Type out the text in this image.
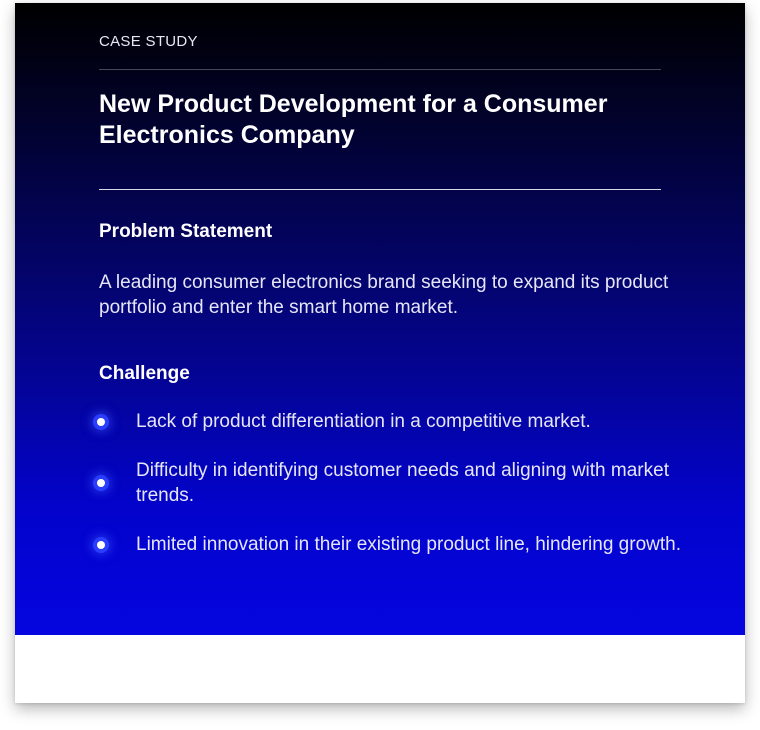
CASE STUDY

New Product Development for a Consumer Electronics Company
Problem Statement

A leading consumer electronics brand seeking to expand its product portfolio and enter the smart home market.

Challenge
Lack of product differentiation in a competitive market.
Difficulty in identifying customer needs and aligning with market trends.
Limited innovation in their existing product line, hindering growth.
